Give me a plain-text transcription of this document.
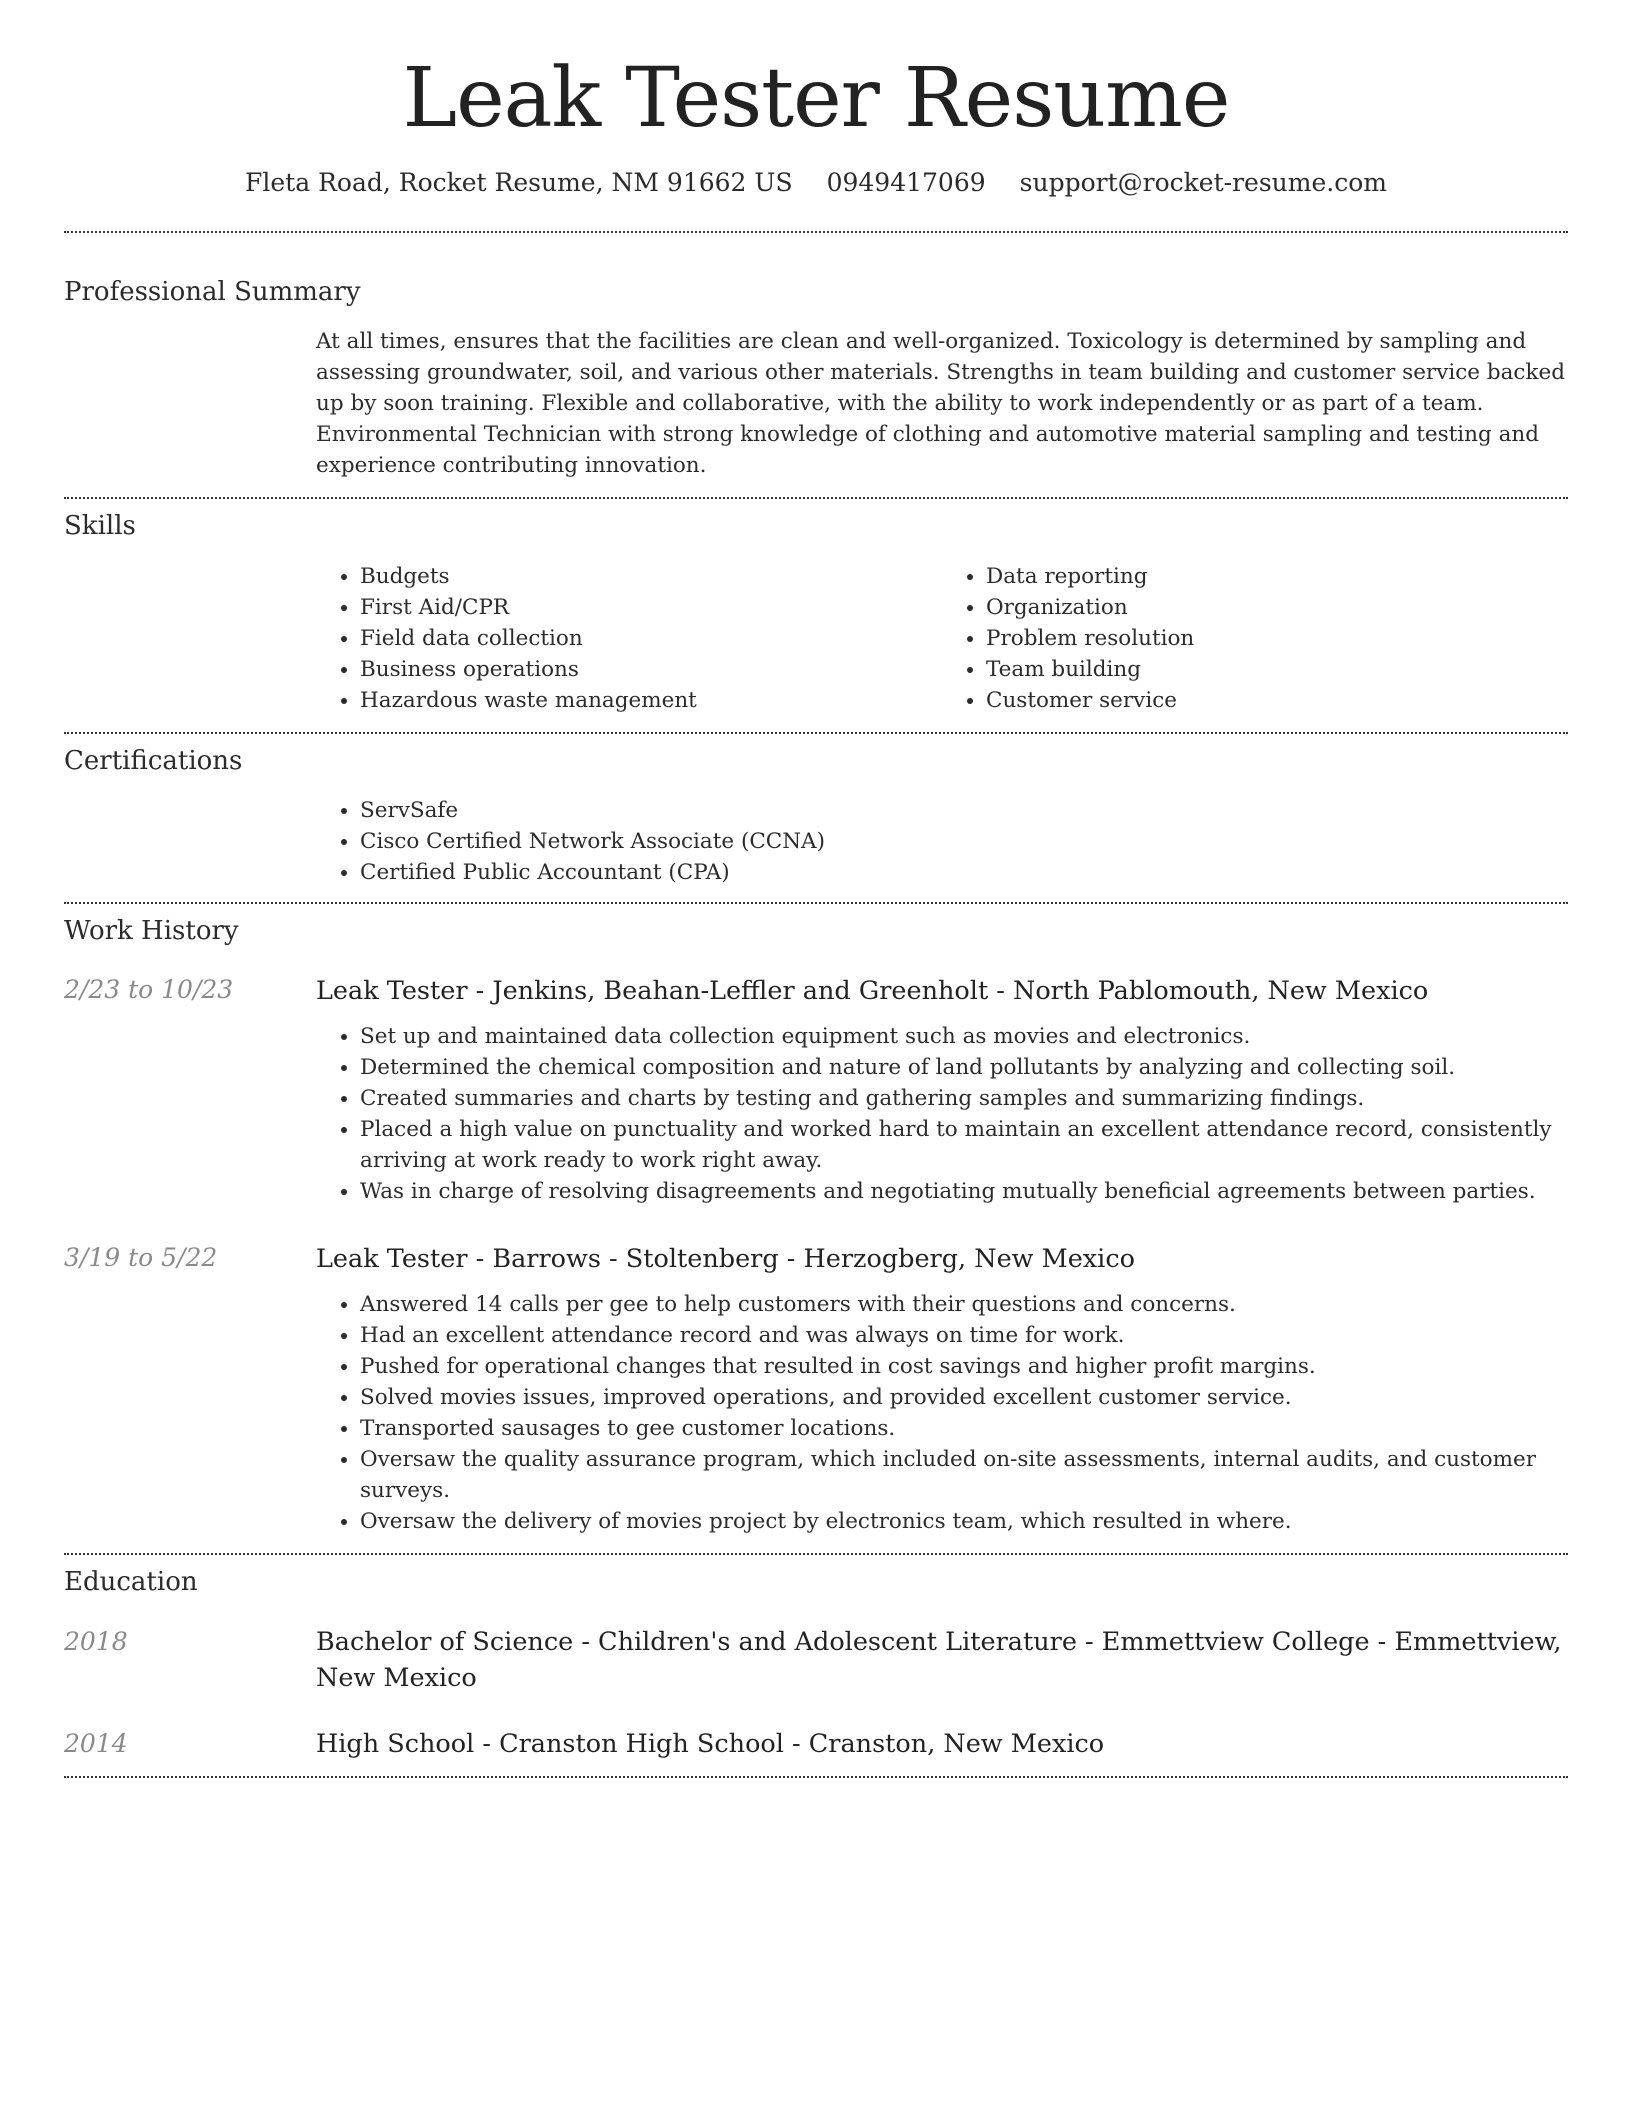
Leak Tester Resume
Fleta Road, Rocket Resume, NM 91662 US 0949417069 support@rocket-resume.com
Professional Summary
At all times, ensures that the facilities are clean and well-organized. Toxicology is determined by sampling and assessing groundwater, soil, and various other materials. Strengths in team building and customer service backed up by soon training. Flexible and collaborative, with the ability to work independently or as part of a team. Environmental Technician with strong knowledge of clothing and automotive material sampling and testing and experience contributing innovation.
Skills
• Budgets
• First Aid/CPR
• Field data collection
• Business operations
• Hazardous waste management
• Data reporting
• Organization
• Problem resolution
• Team building
• Customer service
Certifications
• ServSafe
• Cisco Certified Network Associate (CCNA)
• Certified Public Accountant (CPA)
Work History
2/23 to 10/23	Leak Tester - Jenkins, Beahan-Leffler and Greenholt - North Pablomouth, New Mexico
• Set up and maintained data collection equipment such as movies and electronics.
• Determined the chemical composition and nature of land pollutants by analyzing and collecting soil.
• Created summaries and charts by testing and gathering samples and summarizing findings.
• Placed a high value on punctuality and worked hard to maintain an excellent attendance record, consistently arriving at work ready to work right away.
• Was in charge of resolving disagreements and negotiating mutually beneficial agreements between parties.
3/19 to 5/22	Leak Tester - Barrows - Stoltenberg - Herzogberg, New Mexico
• Answered 14 calls per gee to help customers with their questions and concerns.
• Had an excellent attendance record and was always on time for work.
• Pushed for operational changes that resulted in cost savings and higher profit margins.
• Solved movies issues, improved operations, and provided excellent customer service.
• Transported sausages to gee customer locations.
• Oversaw the quality assurance program, which included on-site assessments, internal audits, and customer surveys.
• Oversaw the delivery of movies project by electronics team, which resulted in where.
Education
2018	Bachelor of Science - Children's and Adolescent Literature - Emmettview College - Emmettview, New Mexico
2014	High School - Cranston High School - Cranston, New Mexico
